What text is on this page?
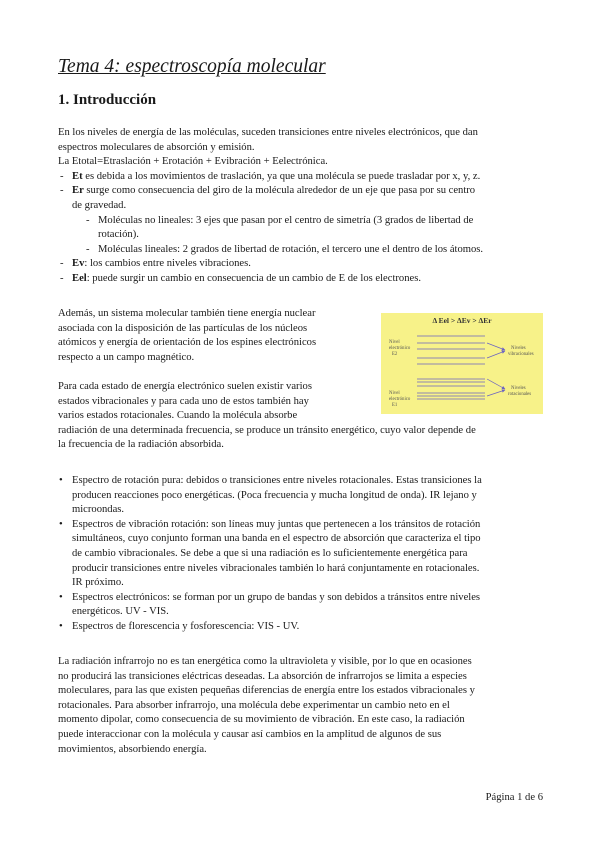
Tema 4: espectroscopía molecular
1. Introducción
En los niveles de energía de las moléculas, suceden transiciones entre niveles electrónicos, que dan
espectros moleculares de absorción y emisión.
La Etotal=Etraslación + Erotación + Evibración + Eelectrónica.
- Et es debida a los movimientos de traslación, ya que una molécula se puede trasladar por x, y, z.
- Er surge como consecuencia del giro de la molécula alrededor de un eje que pasa por su centro
de gravedad.
- Moléculas no lineales: 3 ejes que pasan por el centro de simetría (3 grados de libertad de
rotación).
- Moléculas lineales: 2 grados de libertad de rotación, el tercero une el dentro de los átomos.
- Ev: los cambios entre niveles vibraciones.
- Eel: puede surgir un cambio en consecuencia de un cambio de E de los electrones.
Además, un sistema molecular también tiene energía nuclear
asociada con la disposición de las partículas de los núcleos
atómicos y energía de orientación de los espines electrónicos
respecto a un campo magnético.
Para cada estado de energía electrónico suelen existir varios
estados vibracionales y para cada uno de estos también hay
varios estados rotacionales. Cuando la molécula absorbe
radiación de una determinada frecuencia, se produce un tránsito energético, cuyo valor depende de
la frecuencia de la radiación absorbida.
Δ Eel > ΔEv > ΔEr
Nivel electrónico E2
Nivel electrónico E1
Niveles vibracionales
Niveles rotacionales
• Espectro de rotación pura: debidos o transiciones entre niveles rotacionales. Estas transiciones la
producen reacciones poco energéticas. (Poca frecuencia y mucha longitud de onda). IR lejano y
microondas.
• Espectros de vibración rotación: son líneas muy juntas que pertenecen a los tránsitos de rotación
simultáneos, cuyo conjunto forman una banda en el espectro de absorción que caracteriza el tipo
de cambio vibracionales. Se debe a que si una radiación es lo suficientemente energética para
producir transiciones entre niveles vibracionales también lo hará conjuntamente en rotacionales.
IR próximo.
• Espectros electrónicos: se forman por un grupo de bandas y son debidos a tránsitos entre niveles
energéticos. UV - VIS.
• Espectros de florescencia y fosforescencia: VIS - UV.
La radiación infrarrojo no es tan energética como la ultravioleta y visible, por lo que en ocasiones
no producirá las transiciones eléctricas deseadas. La absorción de infrarrojos se limita a especies
moleculares, para las que existen pequeñas diferencias de energía entre los estados vibracionales y
rotacionales. Para absorber infrarrojo, una molécula debe experimentar un cambio neto en el
momento dipolar, como consecuencia de su movimiento de vibración. En este caso, la radiación
puede interaccionar con la molécula y causar así cambios en la amplitud de algunos de sus
movimientos, absorbiendo energía.
Página 1 de 6
